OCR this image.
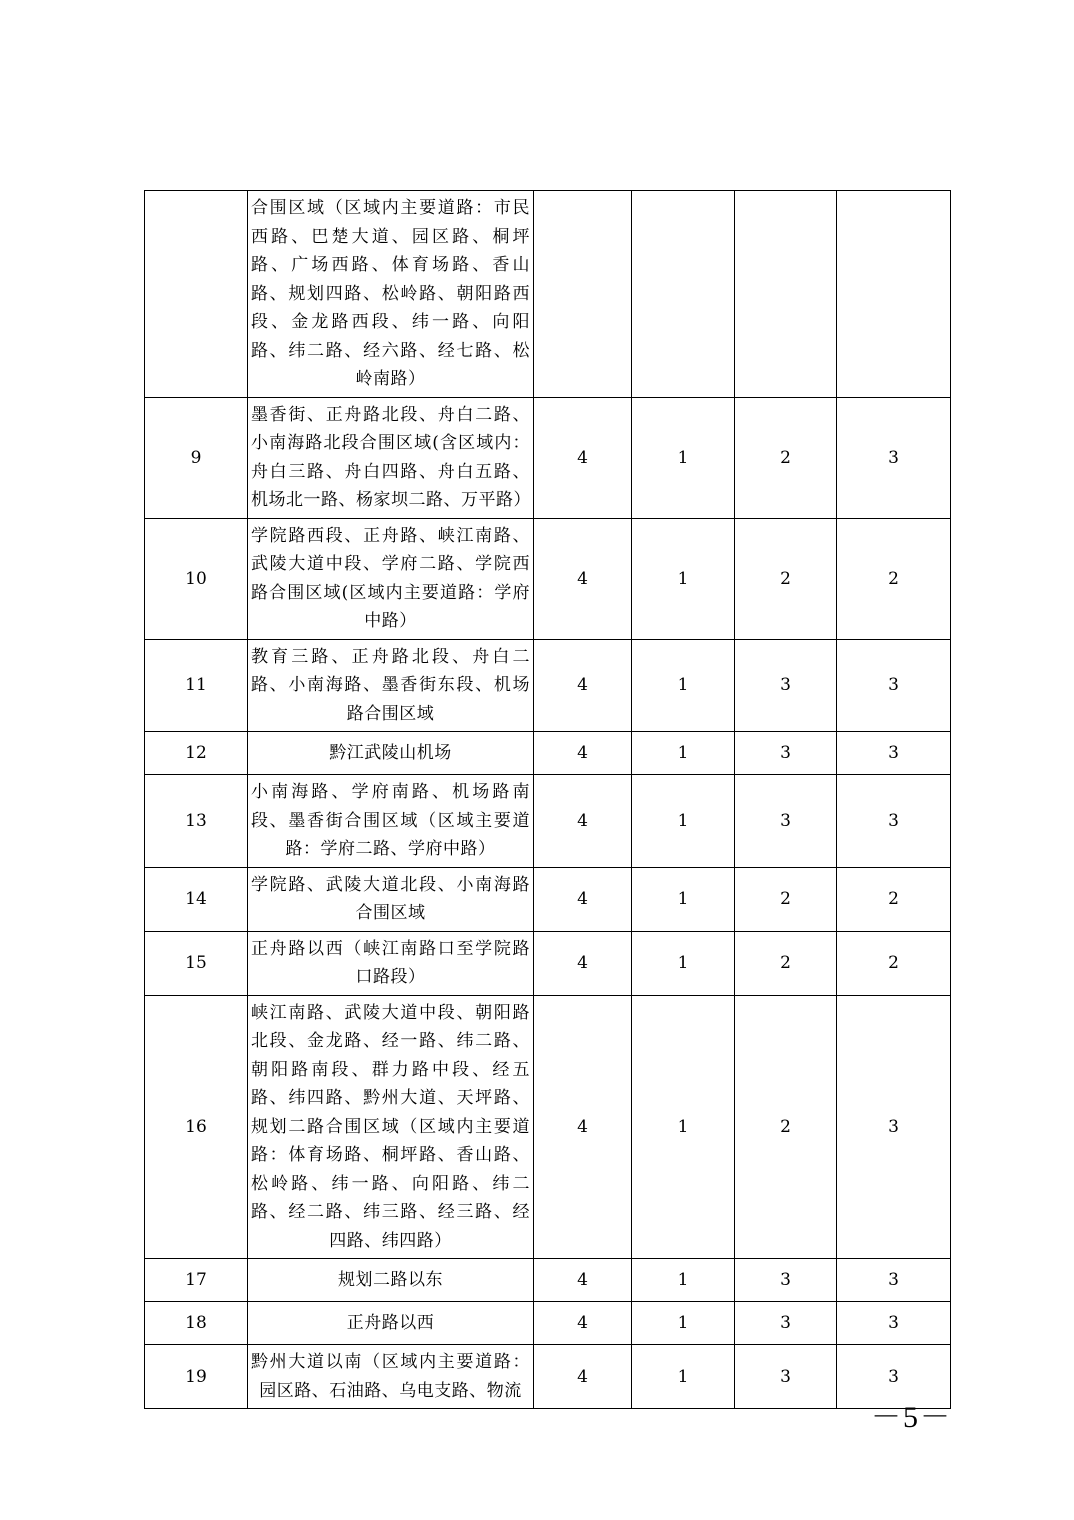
	合围区域（区域内主要道路：市民西路、巴楚大道、园区路、桐坪路、广场西路、体育场路、香山路、规划四路、松岭路、朝阳路西段、金龙路西段、纬一路、向阳路、纬二路、经六路、经七路、松岭南路）				
9	墨香街、正舟路北段、舟白二路、小南海路北段合围区域(含区域内：舟白三路、舟白四路、舟白五路、机场北一路、杨家坝二路、万平路）	4	1	2	3
10	学院路西段、正舟路、峡江南路、武陵大道中段、学府二路、学院西路合围区域(区域内主要道路：学府中路）	4	1	2	2
11	教育三路、正舟路北段、舟白二路、小南海路、墨香街东段、机场路合围区域	4	1	3	3
12	黔江武陵山机场	4	1	3	3
13	小南海路、学府南路、机场路南段、墨香街合围区域（区域主要道路：学府二路、学府中路）	4	1	3	3
14	学院路、武陵大道北段、小南海路合围区域	4	1	2	2
15	正舟路以西（峡江南路口至学院路口路段）	4	1	2	2
16	峡江南路、武陵大道中段、朝阳路北段、金龙路、经一路、纬二路、朝阳路南段、群力路中段、经五路、纬四路、黔州大道、天坪路、规划二路合围区域（区域内主要道路：体育场路、桐坪路、香山路、松岭路、纬一路、向阳路、纬二路、经二路、纬三路、经三路、经四路、纬四路）	4	1	2	3
17	规划二路以东	4	1	3	3
18	正舟路以西	4	1	3	3
19	黔州大道以南（区域内主要道路：园区路、石油路、乌电支路、物流	4	1	3	3
－5－
